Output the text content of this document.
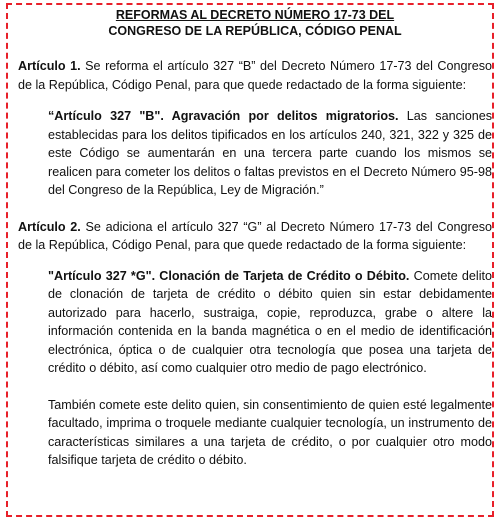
REFORMAS AL DECRETO NÚMERO 17-73 DEL
CONGRESO DE LA REPÚBLICA, CÓDIGO PENAL

Artículo 1. Se reforma el artículo 327 “B” del Decreto Número 17-73 del Congreso de la República, Código Penal, para que quede redactado de la forma siguiente:

“Artículo 327 "B". Agravación por delitos migratorios. Las sanciones establecidas para los delitos tipificados en los artículos 240, 321, 322 y 325 de este Código se aumentarán en una tercera parte cuando los mismos se realicen para cometer los delitos o faltas previstos en el Decreto Número 95-98 del Congreso de la República, Ley de Migración.”

Artículo 2. Se adiciona el artículo 327 “G” al Decreto Número 17-73 del Congreso de la República, Código Penal, para que quede redactado de la forma siguiente:

"Artículo 327 *G". Clonación de Tarjeta de Crédito o Débito. Comete delito de clonación de tarjeta de crédito o débito quien sin estar debidamente autorizado para hacerlo, sustraiga, copie, reproduzca, grabe o altere la información contenida en la banda magnética o en el medio de identificación electrónica, óptica o de cualquier otra tecnología que posea una tarjeta de crédito o débito, así como cualquier otro medio de pago electrónico.

También comete este delito quien, sin consentimiento de quien esté legalmente facultado, imprima o troquele mediante cualquier tecnología, un instrumento de características similares a una tarjeta de crédito, o por cualquier otro modo falsifique tarjeta de crédito o débito.
